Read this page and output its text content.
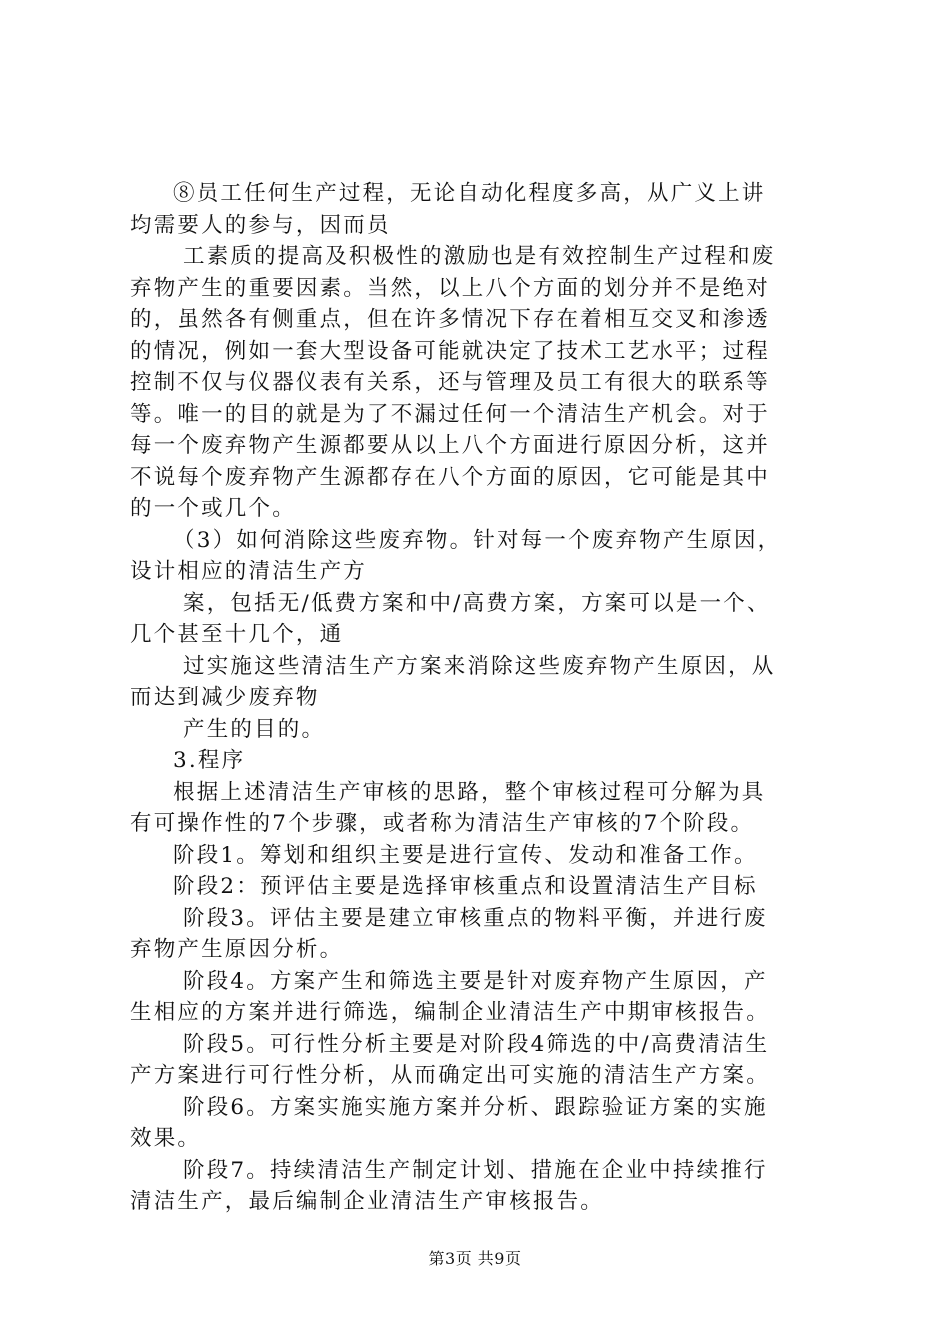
⑧员工任何生产过程，无论自动化程度多高，从广义上讲
均需要人的参与，因而员
工素质的提高及积极性的激励也是有效控制生产过程和废
弃物产生的重要因素。当然，以上八个方面的划分并不是绝对
的，虽然各有侧重点，但在许多情况下存在着相互交叉和渗透
的情况，例如一套大型设备可能就决定了技术工艺水平；过程
控制不仅与仪器仪表有关系，还与管理及员工有很大的联系等
等。唯一的目的就是为了不漏过任何一个清洁生产机会。对于
每一个废弃物产生源都要从以上八个方面进行原因分析，这并
不说每个废弃物产生源都存在八个方面的原因，它可能是其中
的一个或几个。
（3）如何消除这些废弃物。针对每一个废弃物产生原因，
设计相应的清洁生产方
案，包括无/低费方案和中/高费方案，方案可以是一个、
几个甚至十几个，通
过实施这些清洁生产方案来消除这些废弃物产生原因，从
而达到减少废弃物
产生的目的。
3.程序
根据上述清洁生产审核的思路，整个审核过程可分解为具
有可操作性的7个步骤，或者称为清洁生产审核的7个阶段。
阶段1。筹划和组织主要是进行宣传、发动和准备工作。
阶段2：预评估主要是选择审核重点和设置清洁生产目标
阶段3。评估主要是建立审核重点的物料平衡，并进行废
弃物产生原因分析。
阶段4。方案产生和筛选主要是针对废弃物产生原因，产
生相应的方案并进行筛选，编制企业清洁生产中期审核报告。
阶段5。可行性分析主要是对阶段4筛选的中/高费清洁生
产方案进行可行性分析，从而确定出可实施的清洁生产方案。
阶段6。方案实施实施方案并分析、跟踪验证方案的实施
效果。
阶段7。持续清洁生产制定计划、措施在企业中持续推行
清洁生产，最后编制企业清洁生产审核报告。
第3页 共9页
